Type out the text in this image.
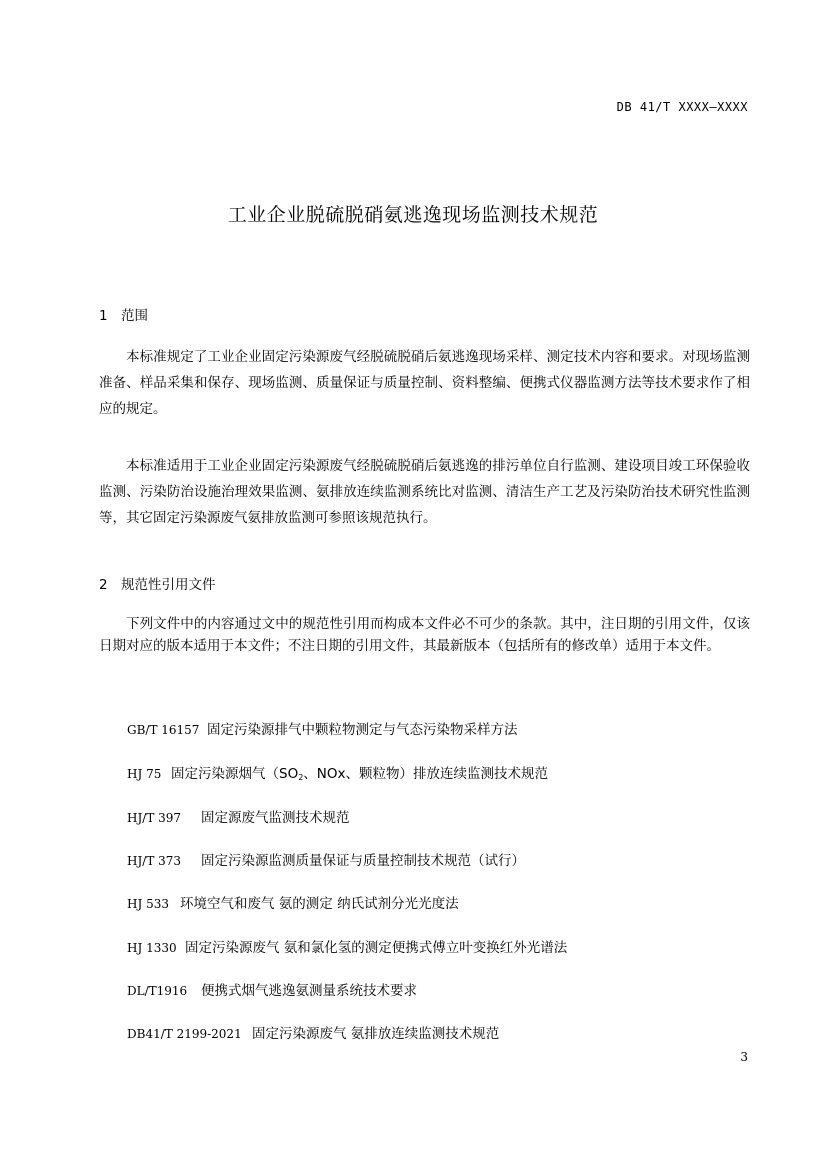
DB 41/T XXXX—XXXX
工业企业脱硫脱硝氨逃逸现场监测技术规范
1 范围
本标准规定了工业企业固定污染源废气经脱硫脱硝后氨逃逸现场采样、测定技术内容和要求。对现场监测准备、样品采集和保存、现场监测、质量保证与质量控制、资料整编、便携式仪器监测方法等技术要求作了相应的规定。
本标准适用于工业企业固定污染源废气经脱硫脱硝后氨逃逸的排污单位自行监测、建设项目竣工环保验收监测、污染防治设施治理效果监测、氨排放连续监测系统比对监测、清洁生产工艺及污染防治技术研究性监测等，其它固定污染源废气氨排放监测可参照该规范执行。
2 规范性引用文件
下列文件中的内容通过文中的规范性引用而构成本文件必不可少的条款。其中，注日期的引用文件，仅该日期对应的版本适用于本文件；不注日期的引用文件，其最新版本（包括所有的修改单）适用于本文件。
GB/T 16157 固定污染源排气中颗粒物测定与气态污染物采样方法
HJ 75 固定污染源烟气（$SO_2$、NOx、颗粒物）排放连续监测技术规范
HJ/T 397 固定源废气监测技术规范
HJ/T 373 固定污染源监测质量保证与质量控制技术规范（试行）
HJ 533 环境空气和废气 氨的测定 纳氏试剂分光光度法
HJ 1330 固定污染源废气 氨和氯化氢的测定便携式傅立叶变换红外光谱法
DL/T1916 便携式烟气逃逸氨测量系统技术要求
DB41/T 2199-2021 固定污染源废气 氨排放连续监测技术规范
3
